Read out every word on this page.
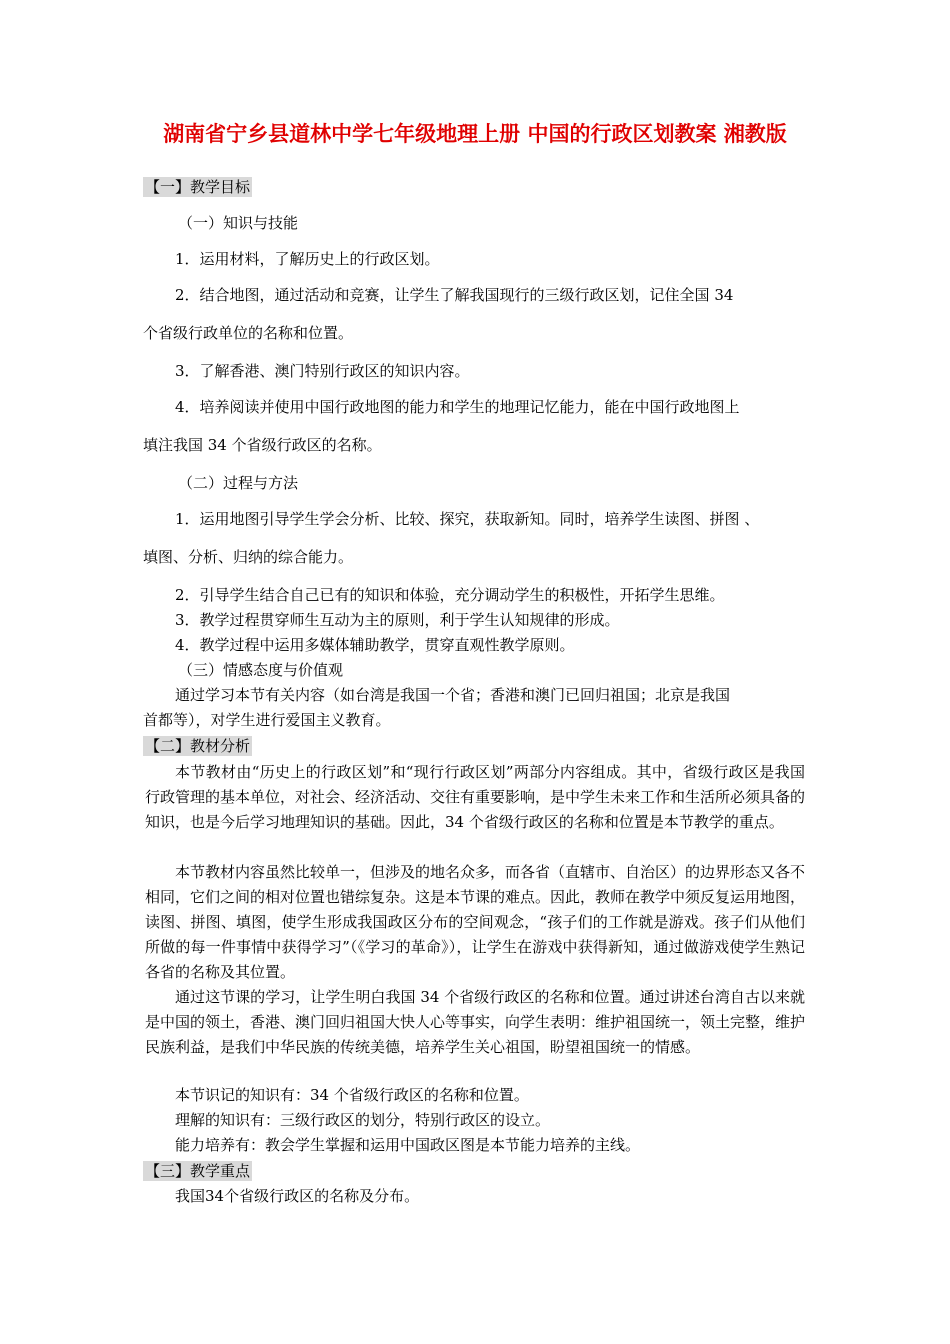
湖南省宁乡县道林中学七年级地理上册 中国的行政区划教案 湘教版
【一】教学目标
（一）知识与技能
1．运用材料，了解历史上的行政区划。
2．结合地图，通过活动和竞赛，让学生了解我国现行的三级行政区划，记住全国 34
个省级行政单位的名称和位置。
3．了解香港、澳门特别行政区的知识内容。
4．培养阅读并使用中国行政地图的能力和学生的地理记忆能力，能在中国行政地图上
填注我国 34 个省级行政区的名称。
（二）过程与方法
1．运用地图引导学生学会分析、比较、探究，获取新知。同时，培养学生读图、拼图 、
填图、分析、归纳的综合能力。
2．引导学生结合自己已有的知识和体验，充分调动学生的积极性，开拓学生思维。
3．教学过程贯穿师生互动为主的原则，利于学生认知规律的形成。
4．教学过程中运用多媒体辅助教学，贯穿直观性教学原则。
（三）情感态度与价值观
通过学习本节有关内容（如台湾是我国一个省；香港和澳门已回归祖国；北京是我国
首都等），对学生进行爱国主义教育。
【二】教材分析
本节教材由“历史上的行政区划”和“现行行政区划”两部分内容组成。其中，省级行政区是我国行政管理的基本单位，对社会、经济活动、交往有重要影响，是中学生未来工作和生活所必须具备的知识，也是今后学习地理知识的基础。因此，34 个省级行政区的名称和位置是本节教学的重点。
本节教材内容虽然比较单一，但涉及的地名众多，而各省（直辖市、自治区）的边界形态又各不相同，它们之间的相对位置也错综复杂。这是本节课的难点。因此，教师在教学中须反复运用地图，读图、拼图、填图，使学生形成我国政区分布的空间观念，“孩子们的工作就是游戏。孩子们从他们所做的每一件事情中获得学习”（《学习的革命》），让学生在游戏中获得新知，通过做游戏使学生熟记各省的名称及其位置。
通过这节课的学习，让学生明白我国 34 个省级行政区的名称和位置。通过讲述台湾自古以来就是中国的领土，香港、澳门回归祖国大快人心等事实，向学生表明：维护祖国统一，领土完整，维护民族利益，是我们中华民族的传统美德，培养学生关心祖国，盼望祖国统一的情感。
本节识记的知识有：34 个省级行政区的名称和位置。
理解的知识有：三级行政区的划分，特别行政区的设立。
能力培养有：教会学生掌握和运用中国政区图是本节能力培养的主线。
【三】教学重点
我国34个省级行政区的名称及分布。
